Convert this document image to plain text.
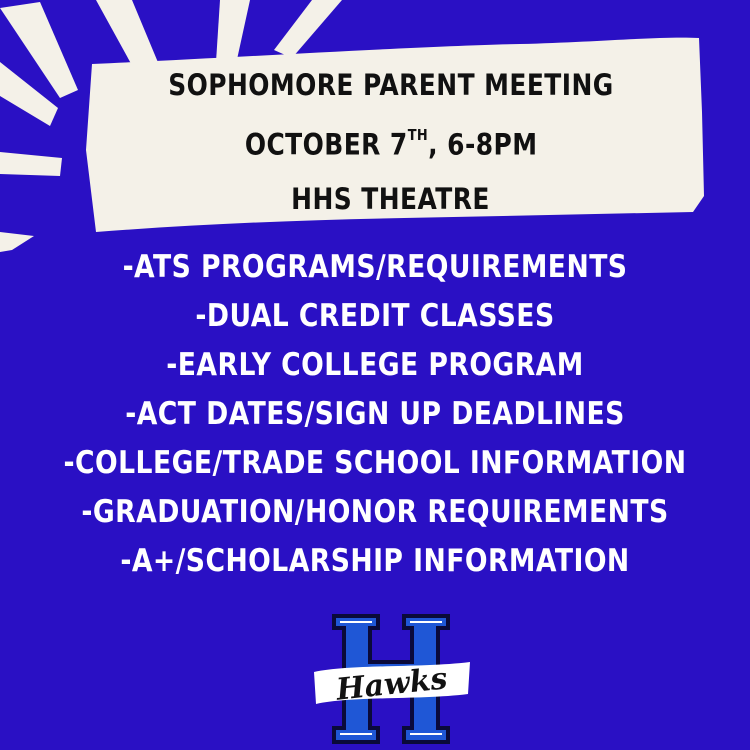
SOPHOMORE PARENT MEETING
OCTOBER 7TH, 6-8PM
HHS THEATRE
-ATS PROGRAMS/REQUIREMENTS
-DUAL CREDIT CLASSES
-EARLY COLLEGE PROGRAM
-ACT DATES/SIGN UP DEADLINES
-COLLEGE/TRADE SCHOOL INFORMATION
-GRADUATION/HONOR REQUIREMENTS
-A+/SCHOLARSHIP INFORMATION
Hawks
